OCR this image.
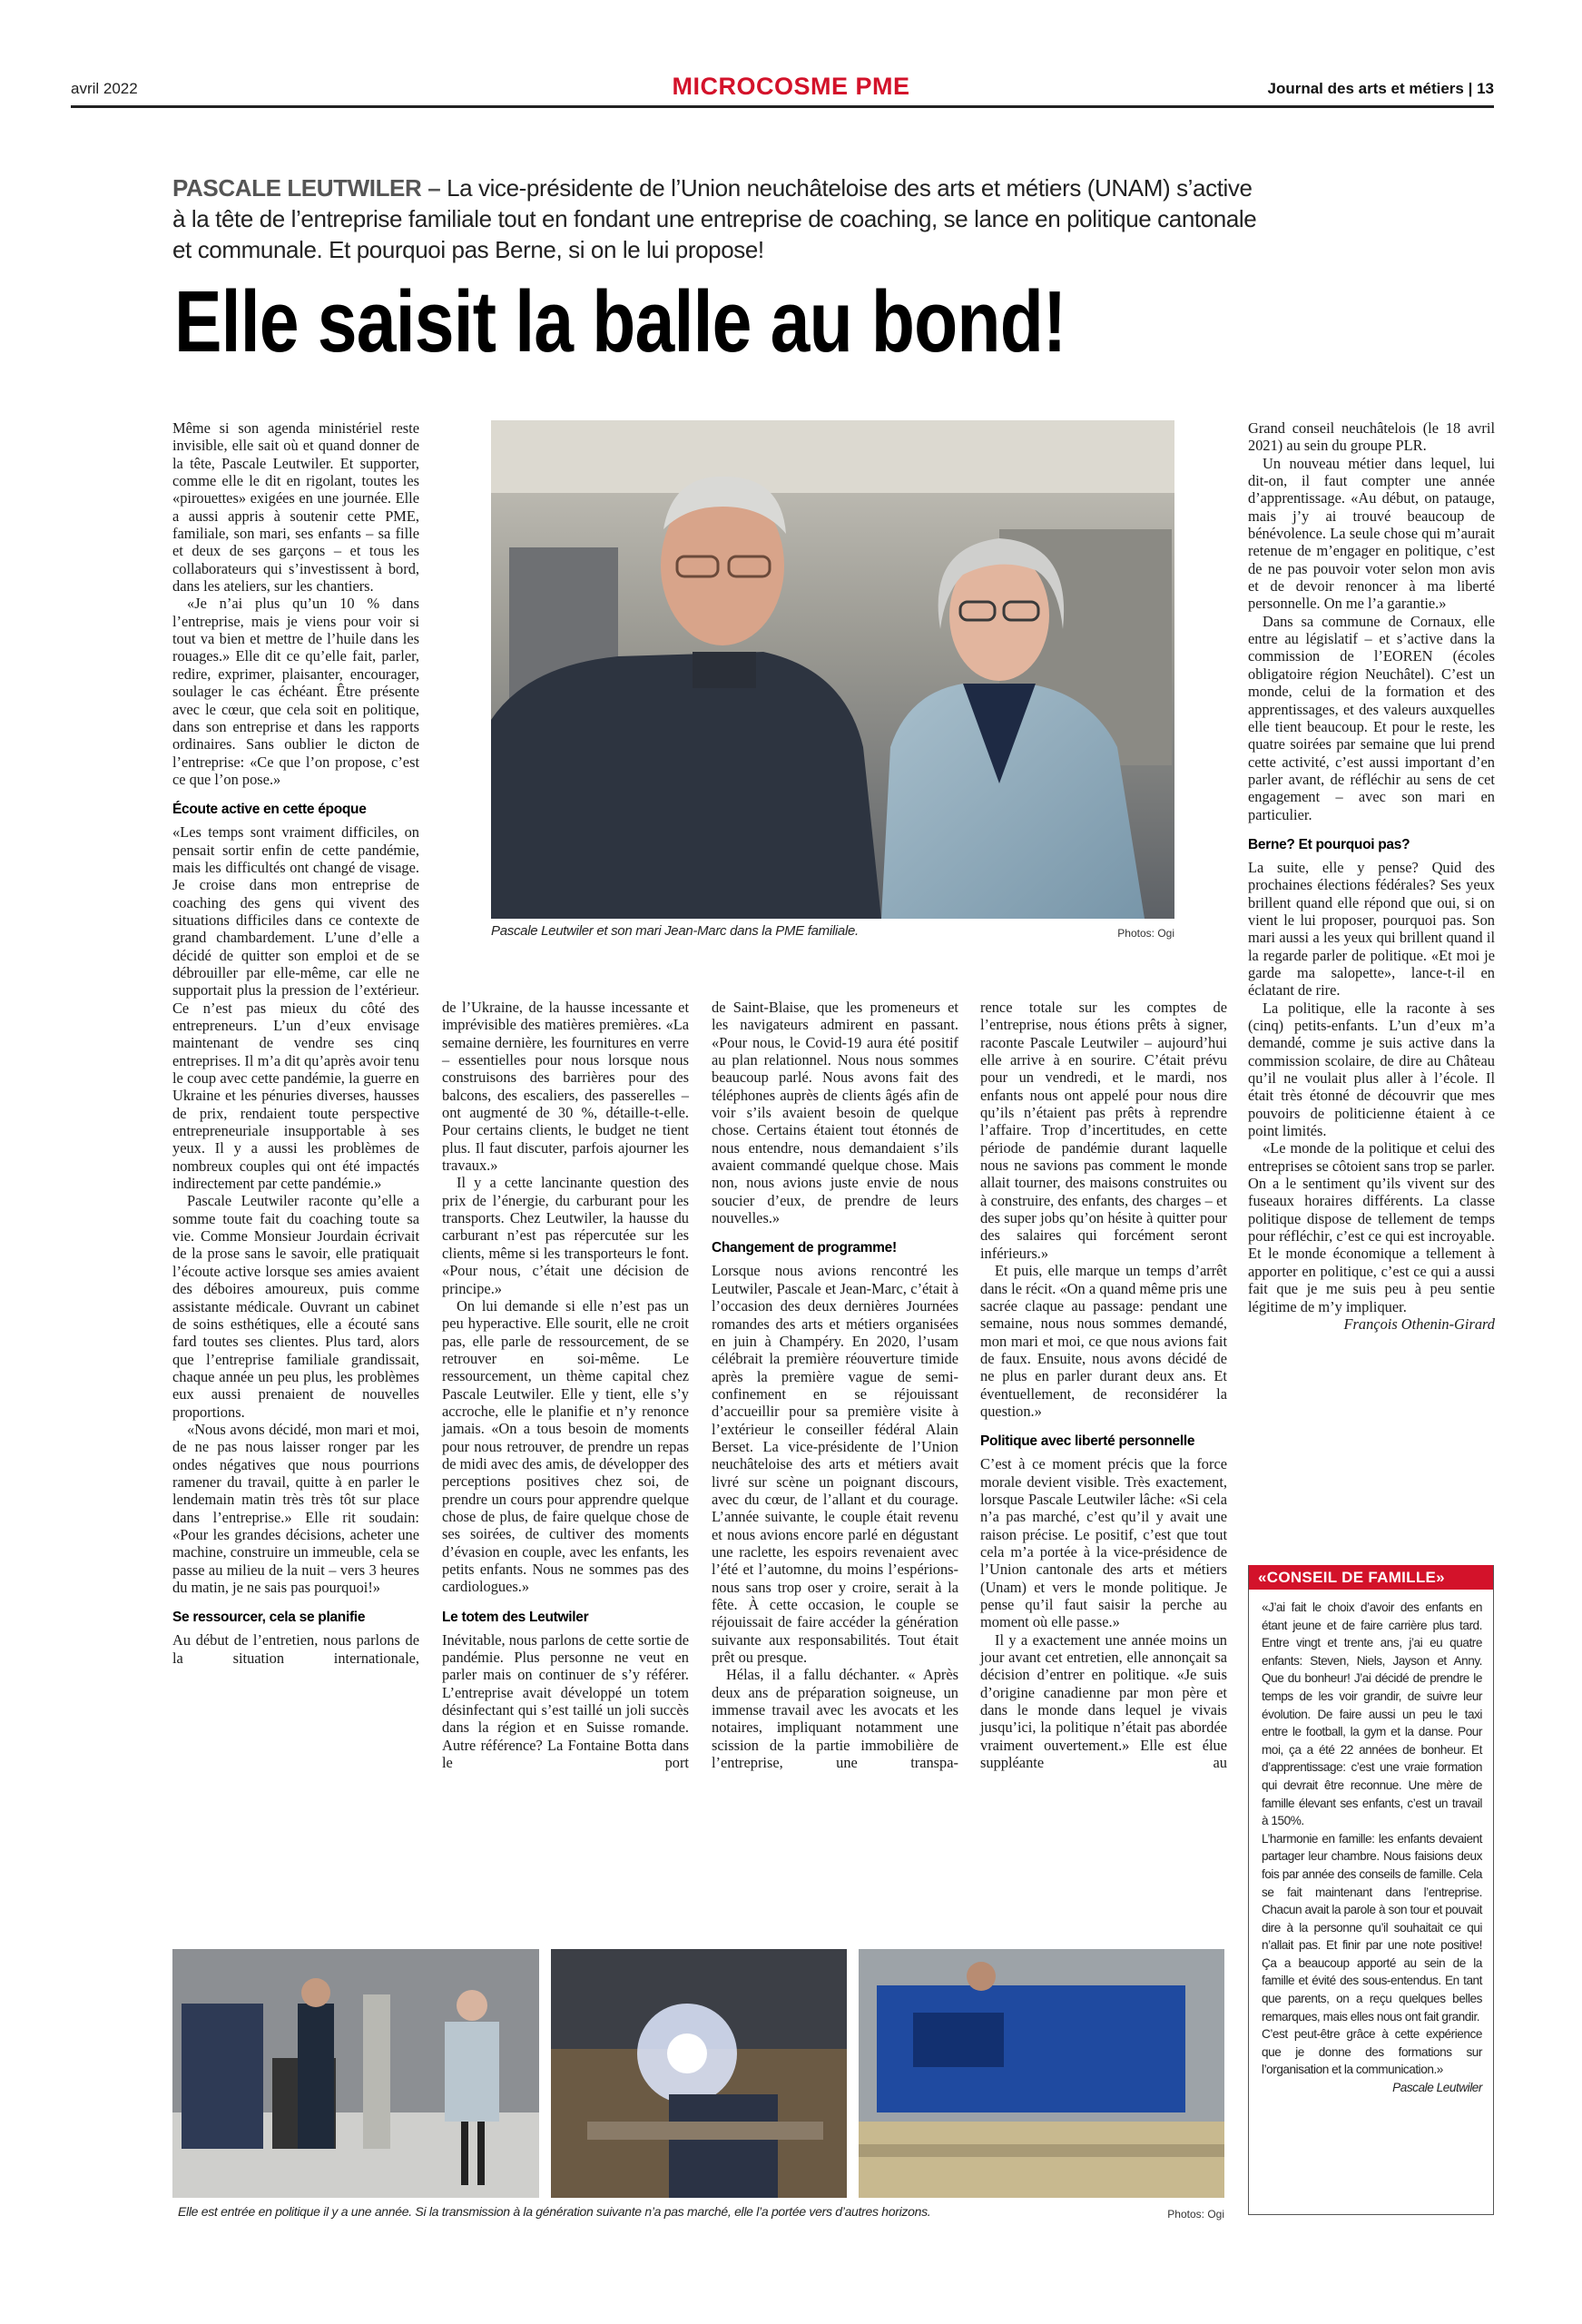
avril 2022	MICROCOSME PME	Journal des arts et métiers | 13
PASCALE LEUTWILER – La vice-présidente de l’Union neuchâteloise des arts et métiers (UNAM) s’active à la tête de l’entreprise familiale tout en fondant une entreprise de coaching, se lance en politique cantonale et communale. Et pourquoi pas Berne, si on le lui propose!
Elle saisit la balle au bond!
Pascale Leutwiler et son mari Jean-Marc dans la PME familiale.	Photos: Ogi

Même si son agenda ministériel reste invisible, elle sait où et quand donner de la tête, Pascale Leutwiler. Et supporter, comme elle le dit en rigolant, toutes les «pirouettes» exigées en une journée. Elle a aussi appris à soutenir cette PME, familiale, son mari, ses enfants – sa fille et deux de ses garçons – et tous les collaborateurs qui s’investissent à bord, dans les ateliers, sur les chantiers.

«Je n’ai plus qu’un 10 % dans l’entreprise, mais je viens pour voir si tout va bien et mettre de l’huile dans les rouages.» Elle dit ce qu’elle fait, parler, redire, exprimer, plaisanter, encourager, soulager le cas échéant. Être présente avec le cœur, que cela soit en politique, dans son entreprise et dans les rapports ordinaires. Sans oublier le dicton de l’entreprise: «Ce que l’on propose, c’est ce que l’on pose.»

Écoute active en cette époque

«Les temps sont vraiment difficiles, on pensait sortir enfin de cette pandémie, mais les difficultés ont changé de visage. Je croise dans mon entreprise de coaching des gens qui vivent des situations difficiles dans ce contexte de grand chambardement. L’une d’elle a décidé de quitter son emploi et de se débrouiller par elle-même, car elle ne supportait plus la pression de l’extérieur. Ce n’est pas mieux du côté des entrepreneurs. L’un d’eux envisage maintenant de vendre ses cinq entreprises. Il m’a dit qu’après avoir tenu le coup avec cette pandémie, la guerre en Ukraine et les pénuries diverses, hausses de prix, rendaient toute perspective entrepreneuriale insupportable à ses yeux. Il y a aussi les problèmes de nombreux couples qui ont été impactés indirectement par cette pandémie.»

Pascale Leutwiler raconte qu’elle a somme toute fait du coaching toute sa vie. Comme Monsieur Jourdain écrivait de la prose sans le savoir, elle pratiquait l’écoute active lorsque ses amies avaient des déboires amoureux, puis comme assistante médicale. Ouvrant un cabinet de soins esthétiques, elle a écouté sans fard toutes ses clientes. Plus tard, alors que l’entreprise familiale grandissait, chaque année un peu plus, les problèmes eux aussi prenaient de nouvelles proportions.

«Nous avons décidé, mon mari et moi, de ne pas nous laisser ronger par les ondes négatives que nous pourrions ramener du travail, quitte à en parler le lendemain matin très très tôt sur place dans l’entreprise.» Elle rit soudain: «Pour les grandes décisions, acheter une machine, construire un immeuble, cela se passe au milieu de la nuit – vers 3 heures du matin, je ne sais pas pourquoi!»

Se ressourcer, cela se planifie

Au début de l’entretien, nous parlons de la situation internationale,

de l’Ukraine, de la hausse incessante et imprévisible des matières premières. «La semaine dernière, les fournitures en verre – essentielles pour nous lorsque nous construisons des barrières pour des balcons, des escaliers, des passerelles – ont augmenté de 30 %, détaille-t-elle. Pour certains clients, le budget ne tient plus. Il faut discuter, parfois ajourner les travaux.»

Il y a cette lancinante question des prix de l’énergie, du carburant pour les transports. Chez Leutwiler, la hausse du carburant n’est pas répercutée sur les clients, même si les transporteurs le font. «Pour nous, c’était une décision de principe.»

On lui demande si elle n’est pas un peu hyperactive. Elle sourit, elle ne croit pas, elle parle de ressourcement, de se retrouver en soi-même. Le ressourcement, un thème capital chez Pascale Leutwiler. Elle y tient, elle s’y accroche, elle le planifie et n’y renonce jamais. «On a tous besoin de moments pour nous retrouver, de prendre un repas de midi avec des amis, de développer des perceptions positives chez soi, de prendre un cours pour apprendre quelque chose de plus, de faire quelque chose de ses soirées, de cultiver des moments d’évasion en couple, avec les enfants, les petits enfants. Nous ne sommes pas des cardiologues.»

Le totem des Leutwiler

Inévitable, nous parlons de cette sortie de pandémie. Plus personne ne veut en parler mais on continuer de s’y référer. L’entreprise avait développé un totem désinfectant qui s’est taillé un joli succès dans la région et en Suisse romande. Autre référence? La Fontaine Botta dans le port

de Saint-Blaise, que les promeneurs et les navigateurs admirent en passant. «Pour nous, le Covid-19 aura été positif au plan relationnel. Nous nous sommes beaucoup parlé. Nous avons fait des téléphones auprès de clients âgés afin de voir s’ils avaient besoin de quelque chose. Certains étaient tout étonnés de nous entendre, nous demandaient s’ils avaient commandé quelque chose. Mais non, nous avions juste envie de nous soucier d’eux, de prendre de leurs nouvelles.»

Changement de programme!

Lorsque nous avions rencontré les Leutwiler, Pascale et Jean-Marc, c’était à l’occasion des deux dernières Journées romandes des arts et métiers organisées en juin à Champéry. En 2020, l’usam célébrait la première réouverture timide après la première vague de semi-confinement en se réjouissant d’accueillir pour sa première visite à l’extérieur le conseiller fédéral Alain Berset. La vice-présidente de l’Union neuchâteloise des arts et métiers avait livré sur scène un poignant discours, avec du cœur, de l’allant et du courage. L’année suivante, le couple était revenu et nous avions encore parlé en dégustant une raclette, les espoirs revenaient avec l’été et l’automne, du moins l’espérions-nous sans trop oser y croire, serait à la fête. À cette occasion, le couple se réjouissait de faire accéder la génération suivante aux responsabilités. Tout était prêt ou presque.

Hélas, il a fallu déchanter. « Après deux ans de préparation soigneuse, un immense travail avec les avocats et les notaires, impliquant notamment une scission de la partie immobilière de l’entreprise, une transpa-

rence totale sur les comptes de l’entreprise, nous étions prêts à signer, raconte Pascale Leutwiler – aujourd’hui elle arrive à en sourire. C’était prévu pour un vendredi, et le mardi, nos enfants nous ont appelé pour nous dire qu’ils n’étaient pas prêts à reprendre l’affaire. Trop d’incertitudes, en cette période de pandémie durant laquelle nous ne savions pas comment le monde allait tourner, des maisons construites ou à construire, des enfants, des charges – et des super jobs qu’on hésite à quitter pour des salaires qui forcément seront inférieurs.»

Et puis, elle marque un temps d’arrêt dans le récit. «On a quand même pris une sacrée claque au passage: pendant une semaine, nous nous sommes demandé, mon mari et moi, ce que nous avions fait de faux. Ensuite, nous avons décidé de ne plus en parler durant deux ans. Et éventuellement, de reconsidérer la question.»

Politique avec liberté personnelle

C’est à ce moment précis que la force morale devient visible. Très exactement, lorsque Pascale Leutwiler lâche: «Si cela n’a pas marché, c’est qu’il y avait une raison précise. Le positif, c’est que tout cela m’a portée à la vice-présidence de l’Union cantonale des arts et métiers (Unam) et vers le monde politique. Je pense qu’il faut saisir la perche au moment où elle passe.»

Il y a exactement une année moins un jour avant cet entretien, elle annonçait sa décision d’entrer en politique. «Je suis d’origine canadienne par mon père et dans le monde dans lequel je vivais jusqu’ici, la politique n’était pas abordée vraiment ouvertement.» Elle est élue suppléante au

Grand conseil neuchâtelois (le 18 avril 2021) au sein du groupe PLR.

Un nouveau métier dans lequel, lui dit-on, il faut compter une année d’apprentissage. «Au début, on patauge, mais j’y ai trouvé beaucoup de bénévolence. La seule chose qui m’aurait retenue de m’engager en politique, c’est de ne pas pouvoir voter selon mon avis et de devoir renoncer à ma liberté personnelle. On me l’a garantie.»

Dans sa commune de Cornaux, elle entre au législatif – et s’active dans la commission de l’EOREN (écoles obligatoire région Neuchâtel). C’est un monde, celui de la formation et des apprentissages, et des valeurs auxquelles elle tient beaucoup. Et pour le reste, les quatre soirées par semaine que lui prend cette activité, c’est aussi important d’en parler avant, de réfléchir au sens de cet engagement – avec son mari en particulier.

Berne? Et pourquoi pas?

La suite, elle y pense? Quid des prochaines élections fédérales? Ses yeux brillent quand elle répond que oui, si on vient le lui proposer, pourquoi pas. Son mari aussi a les yeux qui brillent quand il la regarde parler de politique. «Et moi je garde ma salopette», lance-t-il en éclatant de rire.

La politique, elle la raconte à ses (cinq) petits-enfants. L’un d’eux m’a demandé, comme je suis active dans la commission scolaire, de dire au Château qu’il ne voulait plus aller à l’école. Il était très étonné de découvrir que mes pouvoirs de politicienne étaient à ce point limités.

«Le monde de la politique et celui des entreprises se côtoient sans trop se parler. On a le sentiment qu’ils vivent sur des fuseaux horaires différents. La classe politique dispose de tellement de temps pour réfléchir, c’est ce qui est incroyable. Et le monde économique a tellement à apporter en politique, c’est ce qui a aussi fait que je me suis peu à peu sentie légitime de m’y impliquer.

François Othenin-Girard

Elle est entrée en politique il y a une année. Si la transmission à la génération suivante n’a pas marché, elle l’a portée vers d’autres horizons.	Photos: Ogi
«CONSEIL DE FAMILLE»

«J’ai fait le choix d’avoir des enfants en étant jeune et de faire carrière plus tard. Entre vingt et trente ans, j’ai eu quatre enfants: Steven, Niels, Jayson et Anny. Que du bonheur! J’ai décidé de prendre le temps de les voir grandir, de suivre leur évolution. De faire aussi un peu le taxi entre le football, la gym et la danse. Pour moi, ça a été 22 années de bonheur. Et d’apprentissage: c’est une vraie formation qui devrait être reconnue. Une mère de famille élevant ses enfants, c’est un travail à 150%.

L’harmonie en famille: les enfants devaient partager leur chambre. Nous faisions deux fois par année des conseils de famille. Cela se fait maintenant dans l’entreprise. Chacun avait la parole à son tour et pouvait dire à la personne qu’il souhaitait ce qui n’allait pas. Et finir par une note positive! Ça a beaucoup apporté au sein de la famille et évité des sous-entendus. En tant que parents, on a reçu quelques belles remarques, mais elles nous ont fait grandir.

C’est peut-être grâce à cette expérience que je donne des formations sur l’organisation et la communication.»

Pascale Leutwiler
